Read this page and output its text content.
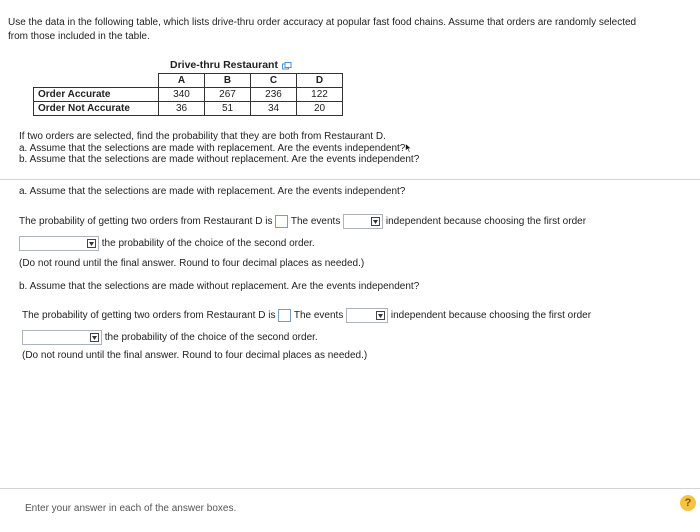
Use the data in the following table, which lists drive-thru order accuracy at popular fast food chains. Assume that orders are randomly selected
from those included in the table.
Drive-thru Restaurant
	A	B	C	D
Order Accurate	340	267	236	122
Order Not Accurate	36	51	34	20
If two orders are selected, find the probability that they are both from Restaurant D.
a. Assume that the selections are made with replacement. Are the events independent?
b. Assume that the selections are made without replacement. Are the events independent?
a. Assume that the selections are made with replacement. Are the events independent?
The probability of getting two orders from Restaurant D is The events	independent because choosing the first order
the probability of the choice of the second order.
(Do not round until the final answer. Round to four decimal places as needed.)
b. Assume that the selections are made without replacement. Are the events independent?
The probability of getting two orders from Restaurant D is The events	independent because choosing the first order
the probability of the choice of the second order.
(Do not round until the final answer. Round to four decimal places as needed.)
Enter your answer in each of the answer boxes.	?
